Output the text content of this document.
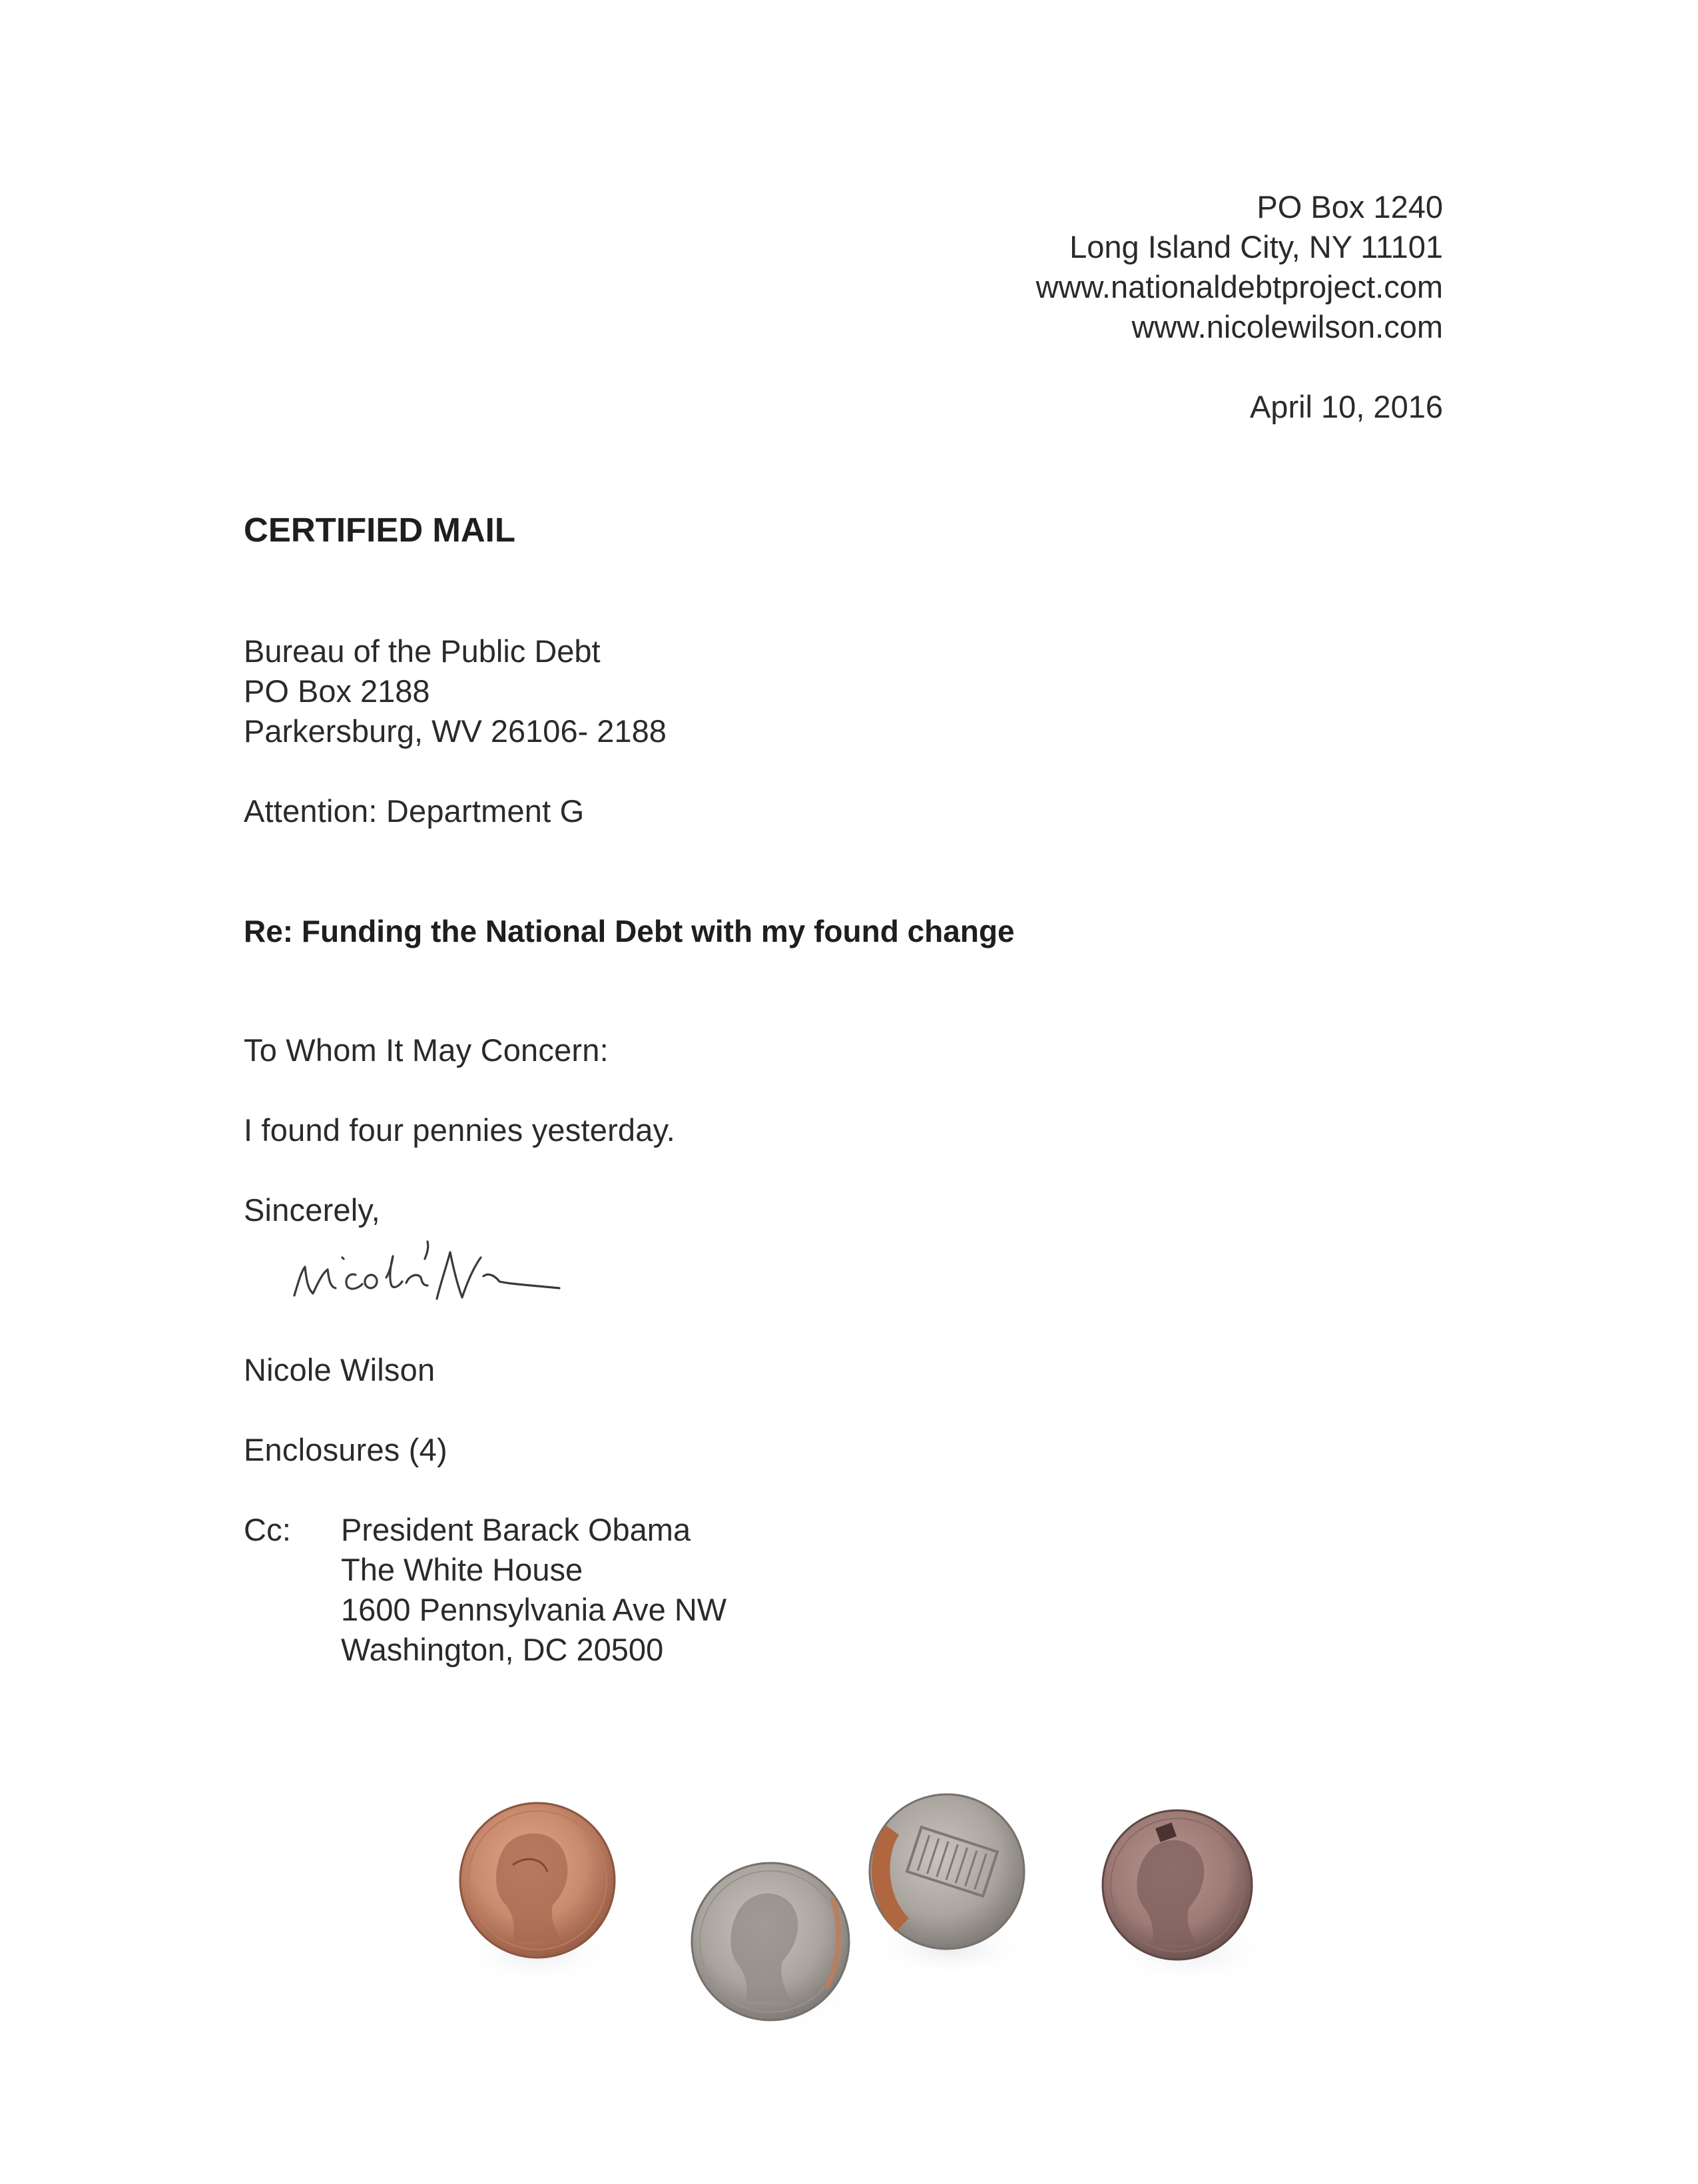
PO Box 1240
Long Island City, NY 11101
www.nationaldebtproject.com
www.nicolewilson.com
April 10, 2016
CERTIFIED MAIL
Bureau of the Public Debt
PO Box 2188
Parkersburg, WV 26106- 2188
Attention: Department G
Re: Funding the National Debt with my found change
To Whom It May Concern:
I found four pennies yesterday.
Sincerely,
Nicole Wilson
Enclosures (4)
Cc: President Barack Obama
The White House
1600 Pennsylvania Ave NW
Washington, DC 20500
